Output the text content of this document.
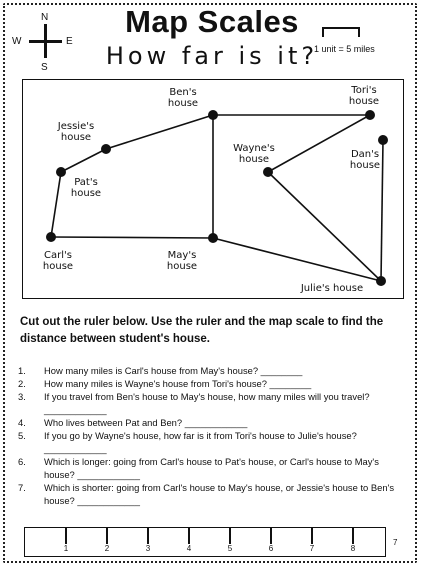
N
W	E
S
Map Scales
How far is it?
1 unit = 5 miles
Ben's house
Tori's house
Jessie's house
Wayne's house	Dan's house
Pat's house
Carl's house
May's house
Julie's house
Cut out the ruler below. Use the ruler and the map scale to find the distance between student's house.
1. How many miles is Carl's house from May's house? ________
2. How many miles is Wayne's house from Tori's house? ________
3. If you travel from Ben's house to May's house, how many miles will you travel? ____________
4. Who lives between Pat and Ben? ____________
5. If you go by Wayne's house, how far is it from Tori's house to Julie's house? ____________
6. Which is longer: going from Carl's house to Pat's house, or Carl's house to May's house? ____________
7. Which is shorter: going from Carl's house to May's house, or Jessie's house to Ben's house? ____________
1	2	3	4	5	6	7	8
7
